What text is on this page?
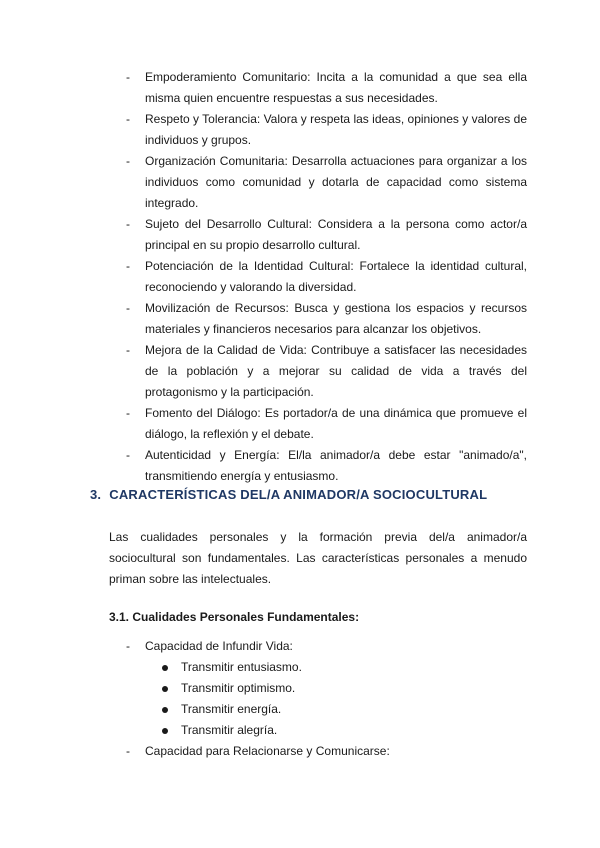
- Empoderamiento Comunitario: Incita a la comunidad a que sea ella misma quien encuentre respuestas a sus necesidades.
- Respeto y Tolerancia: Valora y respeta las ideas, opiniones y valores de individuos y grupos.
- Organización Comunitaria: Desarrolla actuaciones para organizar a los individuos como comunidad y dotarla de capacidad como sistema integrado.
- Sujeto del Desarrollo Cultural: Considera a la persona como actor/a principal en su propio desarrollo cultural.
- Potenciación de la Identidad Cultural: Fortalece la identidad cultural, reconociendo y valorando la diversidad.
- Movilización de Recursos: Busca y gestiona los espacios y recursos materiales y financieros necesarios para alcanzar los objetivos.
- Mejora de la Calidad de Vida: Contribuye a satisfacer las necesidades de la población y a mejorar su calidad de vida a través del protagonismo y la participación.
- Fomento del Diálogo: Es portador/a de una dinámica que promueve el diálogo, la reflexión y el debate.
- Autenticidad y Energía: El/la animador/a debe estar "animado/a", transmitiendo energía y entusiasmo.
3. CARACTERÍSTICAS DEL/A ANIMADOR/A SOCIOCULTURAL
Las cualidades personales y la formación previa del/a animador/a sociocultural son fundamentales. Las características personales a menudo priman sobre las intelectuales.
3.1. Cualidades Personales Fundamentales:
- Capacidad de Infundir Vida:
Transmitir entusiasmo.
Transmitir optimismo.
Transmitir energía.
Transmitir alegría.
- Capacidad para Relacionarse y Comunicarse:
